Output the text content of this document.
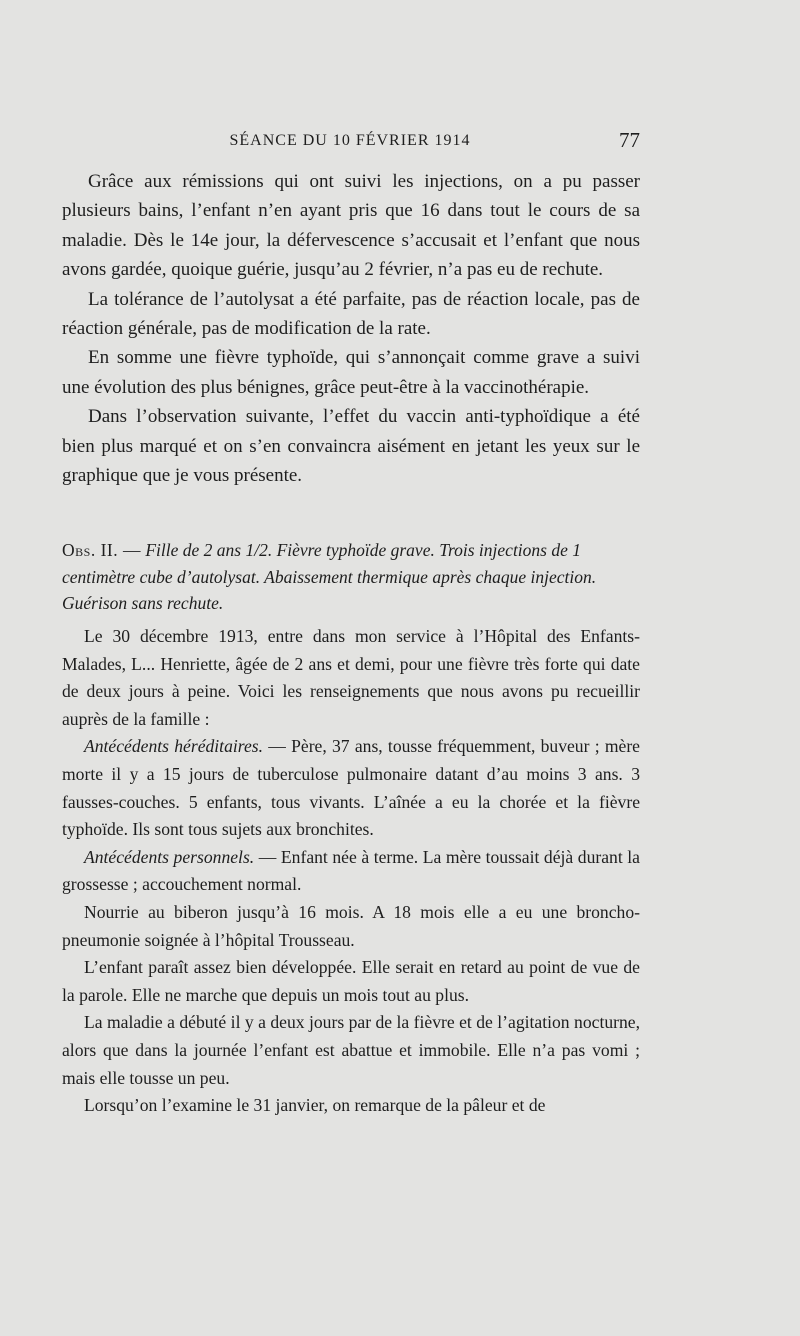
SÉANCE DU 10 FÉVRIER 1914	77

Grâce aux rémissions qui ont suivi les injections, on a pu passer plusieurs bains, l’enfant n’en ayant pris que 16 dans tout le cours de sa maladie. Dès le 14e jour, la défervescence s’accusait et l’enfant que nous avons gardée, quoique guérie, jusqu’au 2 février, n’a pas eu de rechute.

La tolérance de l’autolysat a été parfaite, pas de réaction locale, pas de réaction générale, pas de modification de la rate.

En somme une fièvre typhoïde, qui s’annonçait comme grave a suivi une évolution des plus bénignes, grâce peut-être à la vaccinothérapie.

Dans l’observation suivante, l’effet du vaccin anti-typhoïdique a été bien plus marqué et on s’en convaincra aisément en jetant les yeux sur le graphique que je vous présente.

Obs. II. — Fille de 2 ans 1/2. Fièvre typhoïde grave. Trois injections de 1 centimètre cube d’autolysat. Abaissement thermique après chaque injection. Guérison sans rechute.

Le 30 décembre 1913, entre dans mon service à l’Hôpital des Enfants-Malades, L... Henriette, âgée de 2 ans et demi, pour une fièvre très forte qui date de deux jours à peine. Voici les renseignements que nous avons pu recueillir auprès de la famille :

Antécédents héréditaires. — Père, 37 ans, tousse fréquemment, buveur ; mère morte il y a 15 jours de tuberculose pulmonaire datant d’au moins 3 ans. 3 fausses-couches. 5 enfants, tous vivants. L’aînée a eu la chorée et la fièvre typhoïde. Ils sont tous sujets aux bronchites.

Antécédents personnels. — Enfant née à terme. La mère toussait déjà durant la grossesse ; accouchement normal.

Nourrie au biberon jusqu’à 16 mois. A 18 mois elle a eu une broncho-pneumonie soignée à l’hôpital Trousseau.

L’enfant paraît assez bien développée. Elle serait en retard au point de vue de la parole. Elle ne marche que depuis un mois tout au plus.

La maladie a débuté il y a deux jours par de la fièvre et de l’agitation nocturne, alors que dans la journée l’enfant est abattue et immobile. Elle n’a pas vomi ; mais elle tousse un peu.

Lorsqu’on l’examine le 31 janvier, on remarque de la pâleur et de
